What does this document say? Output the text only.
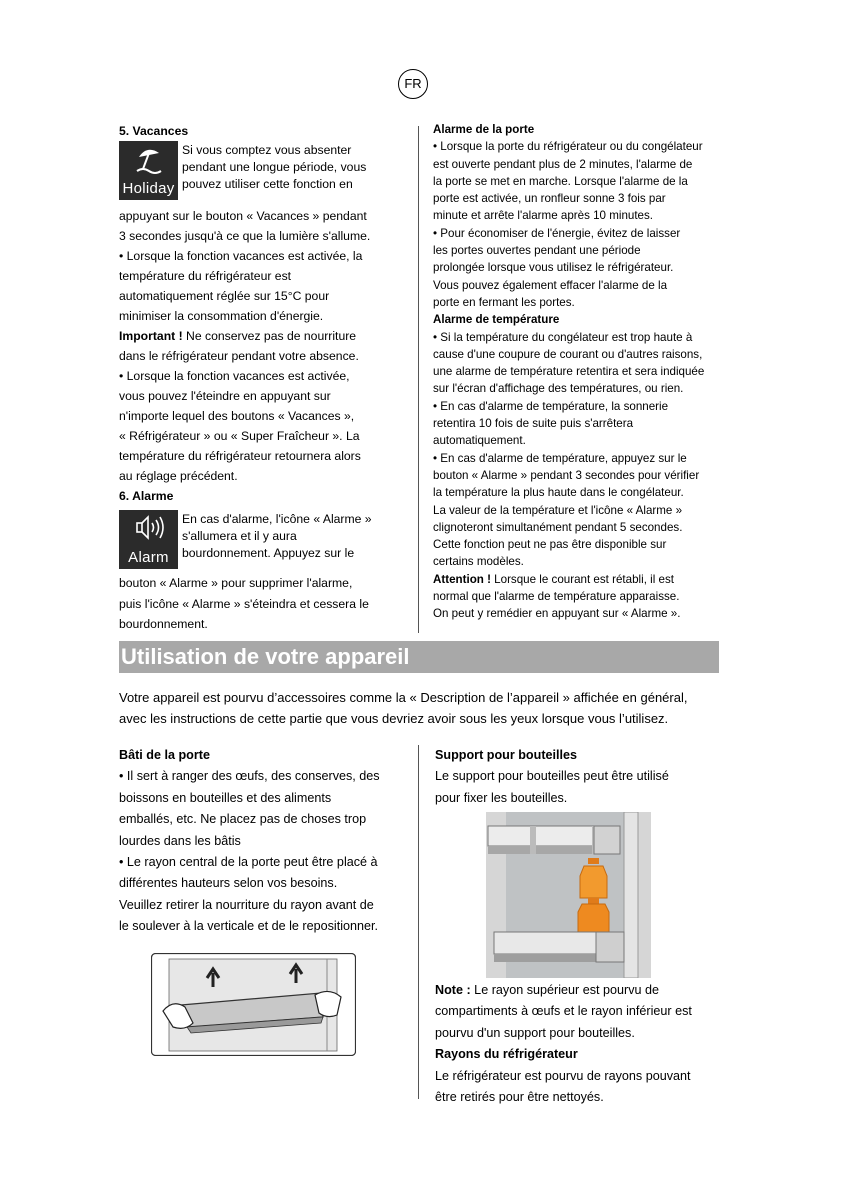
FR

5. Vacances

Holiday

Si vous comptez vous absenter

pendant une longue période, vous

pouvez utiliser cette fonction en

appuyant sur le bouton « Vacances » pendant

3 secondes jusqu'à ce que la lumière s'allume.

• Lorsque la fonction vacances est activée, la

température du réfrigérateur est

automatiquement réglée sur 15°C pour

minimiser la consommation d'énergie.

Important ! Ne conservez pas de nourriture

dans le réfrigérateur pendant votre absence.

• Lorsque la fonction vacances est activée,

vous pouvez l'éteindre en appuyant sur

n'importe lequel des boutons « Vacances »,

« Réfrigérateur » ou « Super Fraîcheur ». La

température du réfrigérateur retournera alors

au réglage précédent.

6. Alarme

Alarm

En cas d'alarme, l'icône « Alarme »

s'allumera et il y aura

bourdonnement. Appuyez sur le

bouton « Alarme » pour supprimer l'alarme,

puis l'icône « Alarme » s'éteindra et cessera le

bourdonnement.

Alarme de la porte

• Lorsque la porte du réfrigérateur ou du congélateur

est ouverte pendant plus de 2 minutes, l'alarme de

la porte se met en marche. Lorsque l'alarme de la

porte est activée, un ronfleur sonne 3 fois par

minute et arrête l'alarme après 10 minutes.

• Pour économiser de l'énergie, évitez de laisser

les portes ouvertes pendant une période

prolongée lorsque vous utilisez le réfrigérateur.

Vous pouvez également effacer l'alarme de la

porte en fermant les portes.

Alarme de température

• Si la température du congélateur est trop haute à

cause d'une coupure de courant ou d'autres raisons,

une alarme de température retentira et sera indiquée

sur l'écran d'affichage des températures, ou rien.

• En cas d'alarme de température, la sonnerie

retentira 10 fois de suite puis s'arrêtera

automatiquement.

• En cas d'alarme de température, appuyez sur le

bouton « Alarme » pendant 3 secondes pour vérifier

la température la plus haute dans le congélateur.

La valeur de la température et l'icône « Alarme »

clignoteront simultanément pendant 5 secondes.

Cette fonction peut ne pas être disponible sur

certains modèles.

Attention ! Lorsque le courant est rétabli, il est

normal que l'alarme de température apparaisse.

On peut y remédier en appuyant sur « Alarme ».

Utilisation de votre appareil

Votre appareil est pourvu d’accessoires comme la « Description de l’appareil » affichée en général,

avec les instructions de cette partie que vous devriez avoir sous les yeux lorsque vous l’utilisez.

Bâti de la porte

• Il sert à ranger des œufs, des conserves, des

boissons en bouteilles et des aliments

emballés, etc. Ne placez pas de choses trop

lourdes dans les bâtis

• Le rayon central de la porte peut être placé à

différentes hauteurs selon vos besoins.

Veuillez retirer la nourriture du rayon avant de

le soulever à la verticale et de le repositionner.

Support pour bouteilles

Le support pour bouteilles peut être utilisé

pour fixer les bouteilles.

Note : Le rayon supérieur est pourvu de

compartiments à œufs et le rayon inférieur est

pourvu d'un support pour bouteilles.

Rayons du réfrigérateur

Le réfrigérateur est pourvu de rayons pouvant

être retirés pour être nettoyés.
